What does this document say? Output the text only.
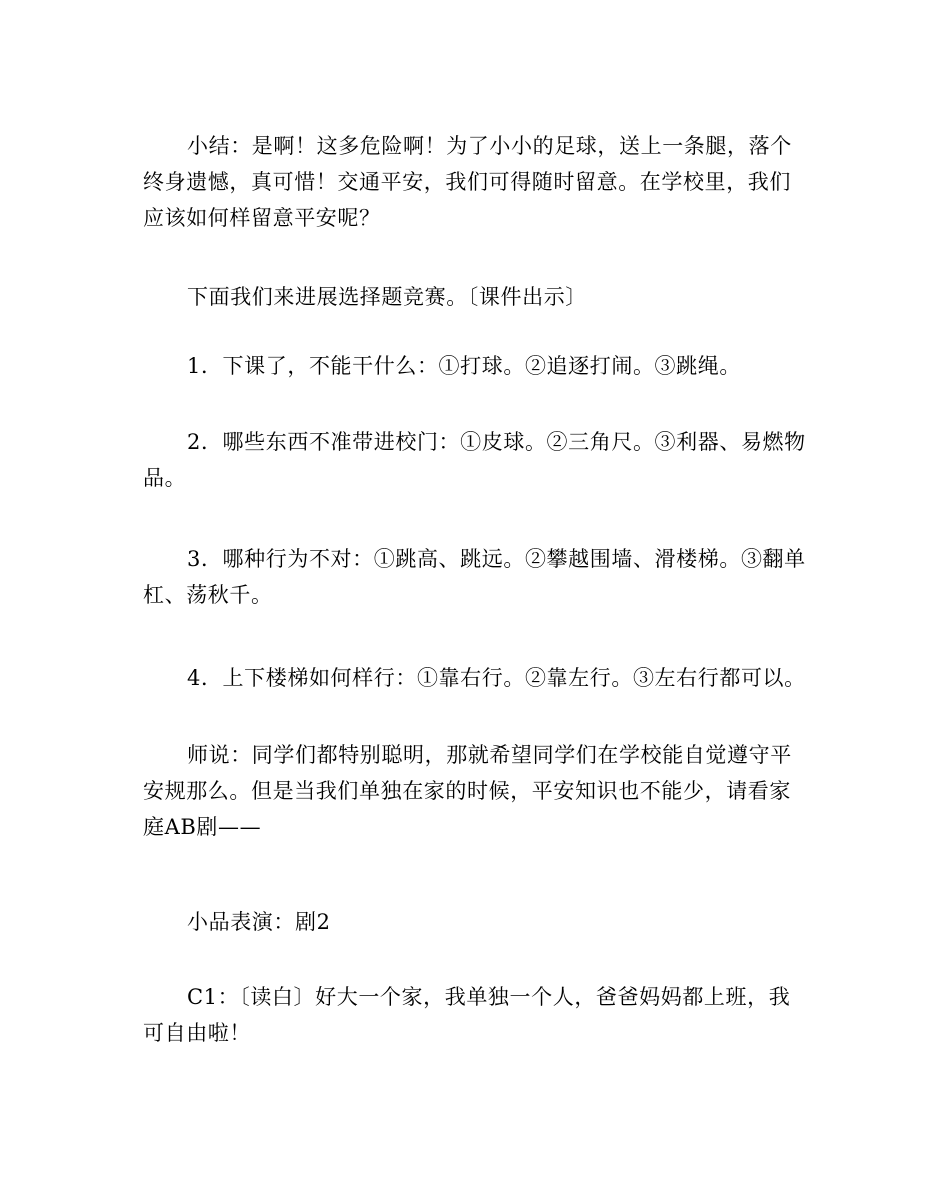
小结：是啊！这多危险啊！为了小小的足球，送上一条腿，落个终身遗憾，真可惜！交通平安，我们可得随时留意。在学校里，我们应该如何样留意平安呢？

下面我们来进展选择题竞赛。〔课件出示〕

1．下课了，不能干什么：①打球。②追逐打闹。③跳绳。

2．哪些东西不准带进校门：①皮球。②三角尺。③利器、易燃物品。

3．哪种行为不对：①跳高、跳远。②攀越围墙、滑楼梯。③翻单杠、荡秋千。

4．上下楼梯如何样行：①靠右行。②靠左行。③左右行都可以。

师说：同学们都特别聪明，那就希望同学们在学校能自觉遵守平安规那么。但是当我们单独在家的时候，平安知识也不能少，请看家庭AB剧——

小品表演：剧2

C1：〔读白〕好大一个家，我单独一个人，爸爸妈妈都上班，我可自由啦！
